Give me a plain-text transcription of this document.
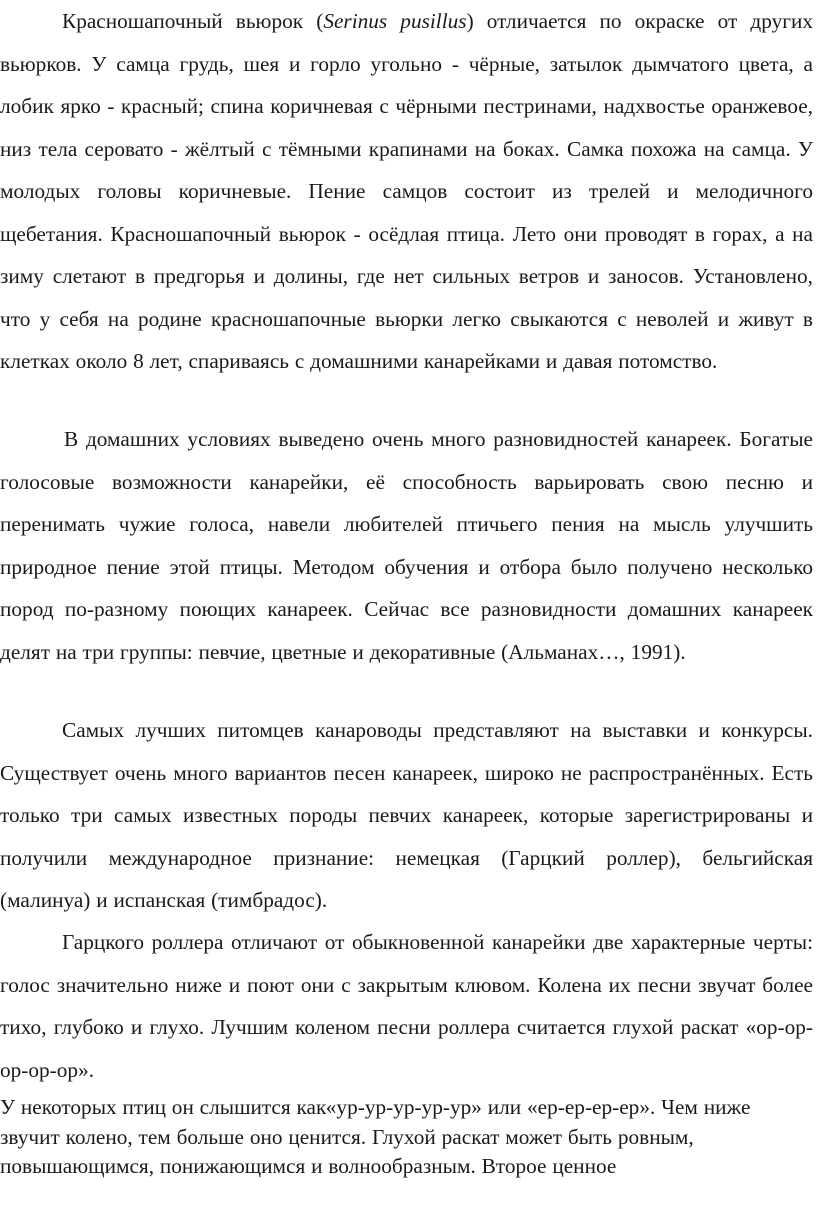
Красношапочный вьюрок (Serinus pusillus) отличается по окраске от других вьюрков. У самца грудь, шея и горло угольно - чёрные, затылок дымчатого цвета, а лобик ярко - красный; спина коричневая с чёрными пестринами, надхвостье оранжевое, низ тела серовато - жёлтый с тёмными крапинами на боках. Самка похожа на самца. У молодых головы коричневые. Пение самцов состоит из трелей и мелодичного щебетания. Красношапочный вьюрок - осёдлая птица. Лето они проводят в горах, а на зиму слетают в предгорья и долины, где нет сильных ветров и заносов. Установлено, что у себя на родине красношапочные вьюрки легко свыкаются с неволей и живут в клетках около 8 лет, спариваясь с домашними канарейками и давая потомство.

В домашних условиях выведено очень много разновидностей канареек. Богатые голосовые возможности канарейки, её способность варьировать свою песню и перенимать чужие голоса, навели любителей птичьего пения на мысль улучшить природное пение этой птицы. Методом обучения и отбора было получено несколько пород по-разному поющих канареек. Сейчас все разновидности домашних канареек делят на три группы: певчие, цветные и декоративные (Альманах…, 1991).

Самых лучших питомцев канароводы представляют на выставки и конкурсы. Существует очень много вариантов песен канареек, широко не распространённых. Есть только три самых известных породы певчих канареек, которые зарегистрированы и получили международное признание: немецкая (Гарцкий роллер), бельгийская (малинуа) и испанская (тимбрадос).

Гарцкого роллера отличают от обыкновенной канарейки две характерные черты: голос значительно ниже и поют они с закрытым клювом. Колена их песни звучат более тихо, глубоко и глухо. Лучшим коленом песни роллера считается глухой раскат «ор-ор-ор-ор-ор».

У некоторых птиц он слышится как«ур-ур-ур-ур-ур» или «ер-ер-ер-ер». Чем ниже звучит колено, тем больше оно ценится. Глухой раскат может быть ровным, повышающимся, понижающимся и волнообразным. Второе ценное
